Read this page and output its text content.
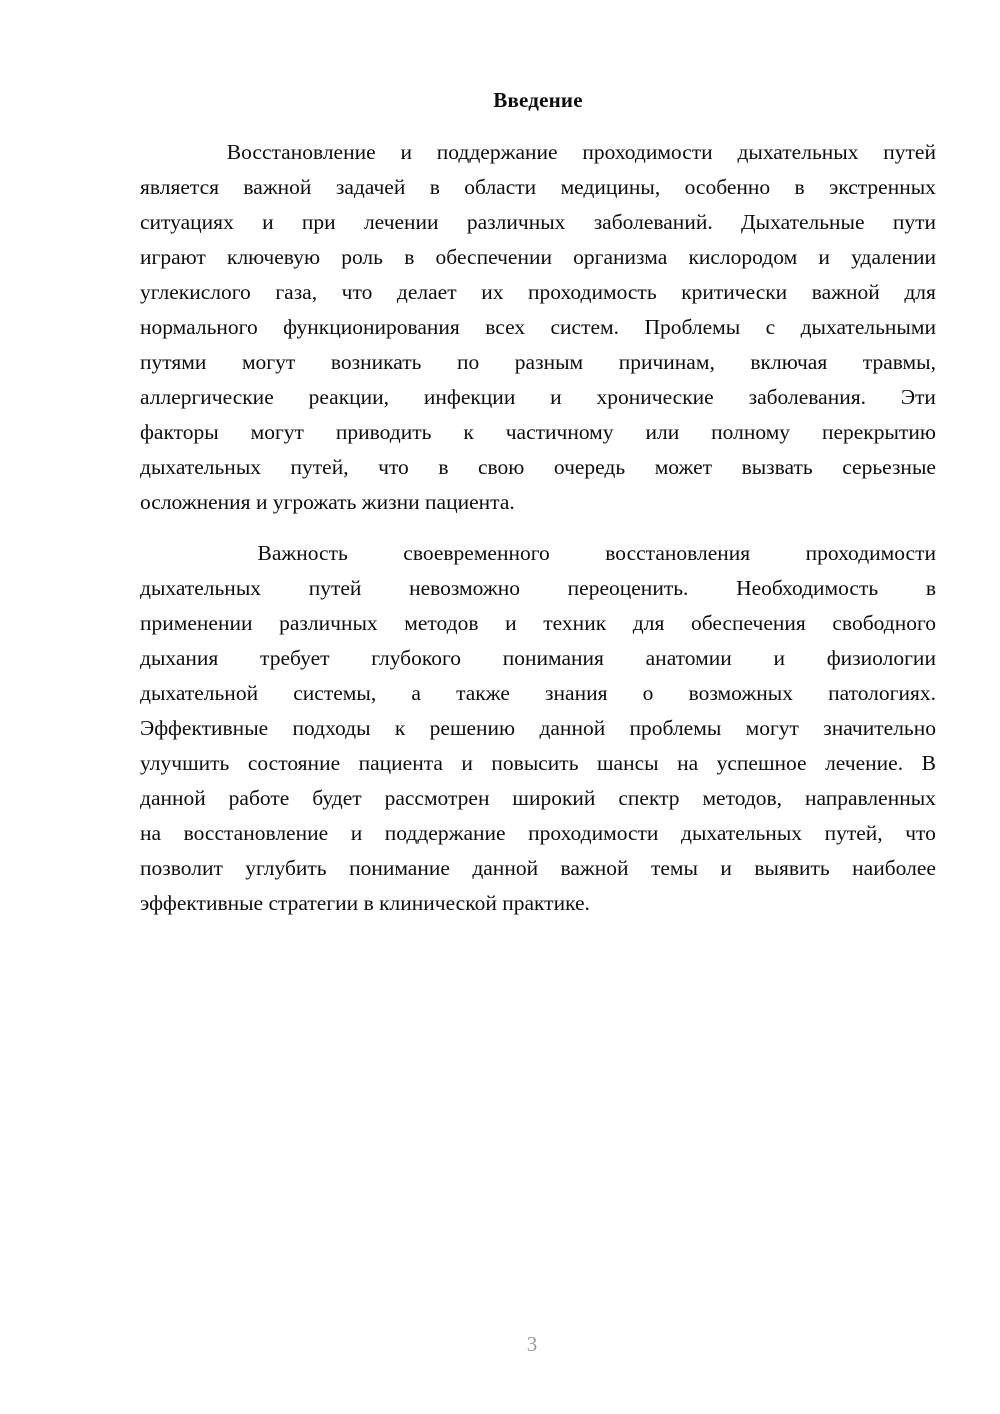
Введение
Восстановление и поддержание проходимости дыхательных путей
является важной задачей в области медицины, особенно в экстренных
ситуациях и при лечении различных заболеваний. Дыхательные пути
играют ключевую роль в обеспечении организма кислородом и удалении
углекислого газа, что делает их проходимость критически важной для
нормального функционирования всех систем. Проблемы с дыхательными
путями могут возникать по разным причинам, включая травмы,
аллергические реакции, инфекции и хронические заболевания. Эти
факторы могут приводить к частичному или полному перекрытию
дыхательных путей, что в свою очередь может вызвать серьезные
осложнения и угрожать жизни пациента.
Важность	своевременного	восстановления	проходимости
дыхательных путей невозможно переоценить. Необходимость в
применении различных методов и техник для обеспечения свободного
дыхания требует глубокого понимания анатомии и физиологии
дыхательной системы, а также знания о возможных патологиях.
Эффективные подходы к решению данной проблемы могут значительно
улучшить состояние пациента и повысить шансы на успешное лечение. В
данной работе будет рассмотрен широкий спектр методов, направленных
на восстановление и поддержание проходимости дыхательных путей, что
позволит углубить понимание данной важной темы и выявить наиболее
эффективные стратегии в клинической практике.
3
